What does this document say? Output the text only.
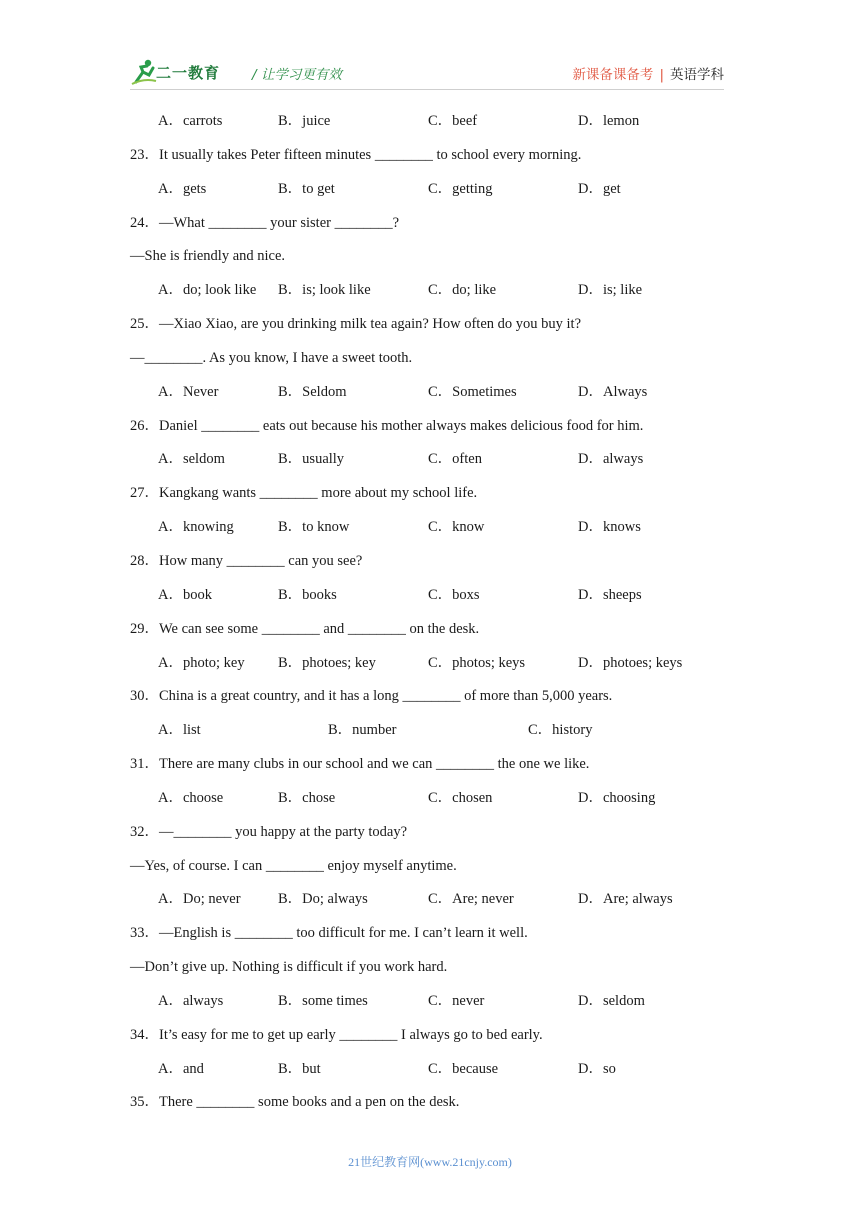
二一教育 / 让学习更有效	新课备课备考 | 英语学科
A．carrots	B．juice	C．beef	D．lemon
23．It usually takes Peter fifteen minutes ________ to school every morning.
A．gets	B．to get	C．getting	D．get
24．—What ________ your sister ________?
—She is friendly and nice.
A．do; look like B．is; look like	C．do; like	D．is; like
25．—Xiao Xiao, are you drinking milk tea again? How often do you buy it?
—________. As you know, I have a sweet tooth.
A．Never	B．Seldom	C．Sometimes	D．Always
26．Daniel ________ eats out because his mother always makes delicious food for him.
A．seldom	B．usually	C．often	D．always
27．Kangkang wants ________ more about my school life.
A．knowing	B．to know	C．know	D．knows
28．How many ________ can you see?
A．book	B．books	C．boxs	D．sheeps
29．We can see some ________ and ________ on the desk.
A．photo; key B．photoes; key	C．photos; keys	D．photoes; keys
30．China is a great country, and it has a long ________ of more than 5,000 years.
A．list	B．number	C．history
31．There are many clubs in our school and we can ________ the one we like.
A．choose	B．chose	C．chosen	D．choosing
32．—________ you happy at the party today?
—Yes, of course. I can ________ enjoy myself anytime.
A．Do; never	B．Do; always	C．Are; never	D．Are; always
33．—English is ________ too difficult for me. I can’t learn it well.
—Don’t give up. Nothing is difficult if you work hard.
A．always	B．some times	C．never	D．seldom
34．It’s easy for me to get up early ________ I always go to bed early.
A．and	B．but	C．because	D．so
35．There ________ some books and a pen on the desk.
21世纪教育网(www.21cnjy.com)
